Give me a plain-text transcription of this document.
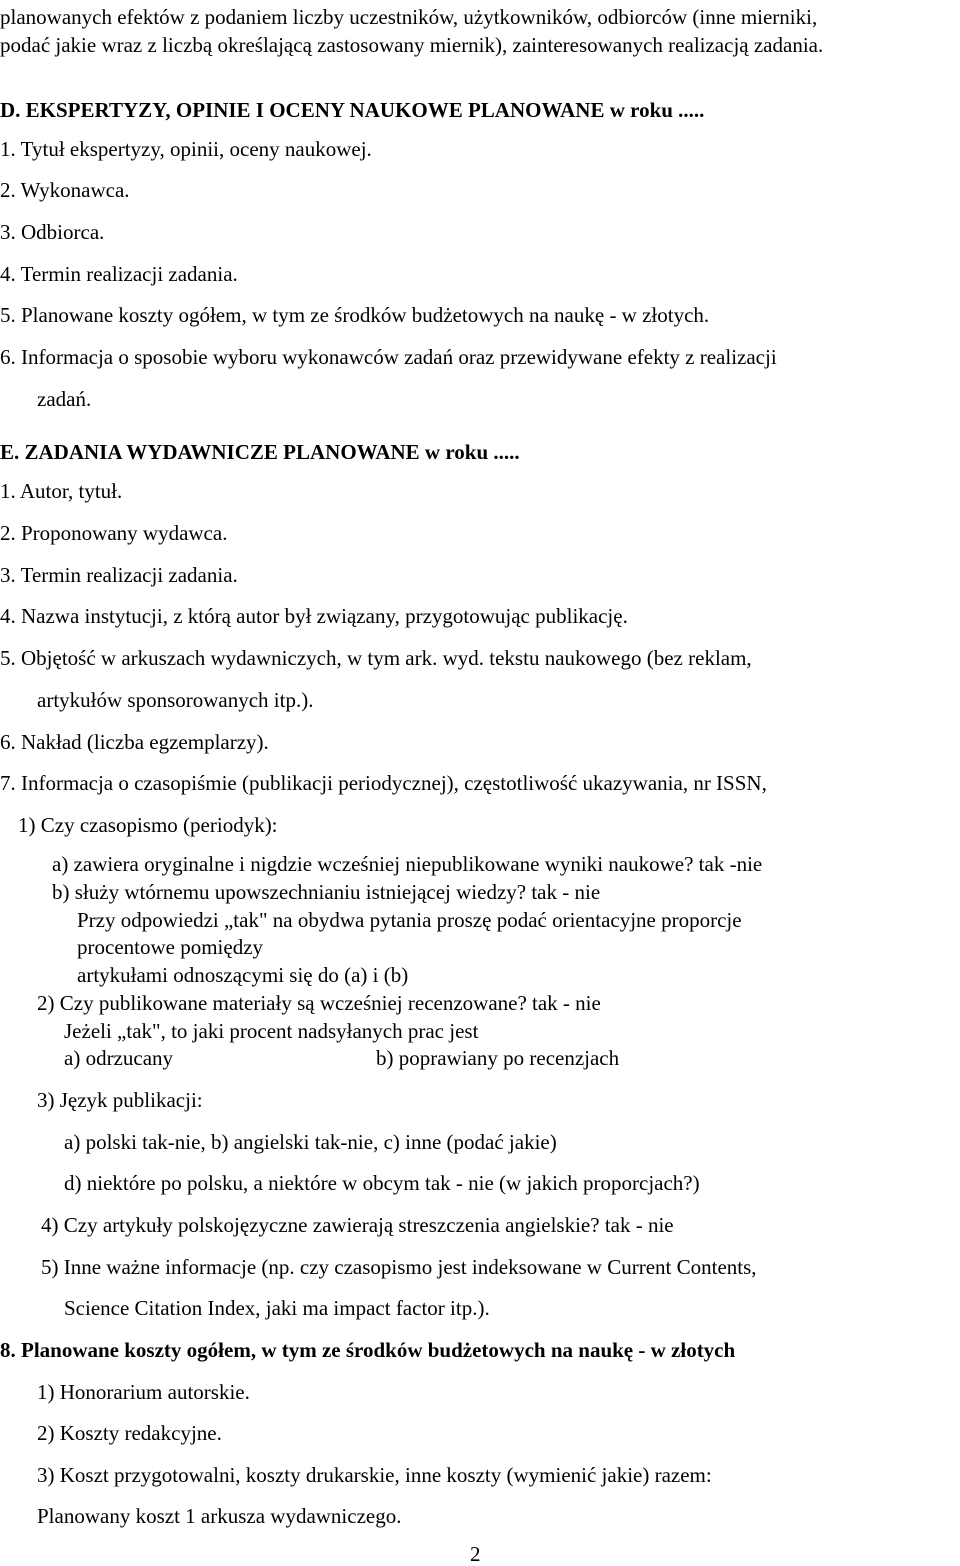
planowanych efektów z podaniem liczby uczestników, użytkowników, odbiorców (inne mierniki,
podać jakie wraz z liczbą określającą zastosowany miernik), zainteresowanych realizacją zadania.
D. EKSPERTYZY, OPINIE I OCENY NAUKOWE PLANOWANE w roku .....
1. Tytuł ekspertyzy, opinii, oceny naukowej.
2. Wykonawca.
3. Odbiorca.
4. Termin realizacji zadania.
5. Planowane koszty ogółem, w tym ze środków budżetowych na naukę - w złotych.
6. Informacja o sposobie wyboru wykonawców zadań oraz przewidywane efekty z realizacji
zadań.
E. ZADANIA WYDAWNICZE PLANOWANE w roku .....
1. Autor, tytuł.
2. Proponowany wydawca.
3. Termin realizacji zadania.
4. Nazwa instytucji, z którą autor był związany, przygotowując publikację.
5. Objętość w arkuszach wydawniczych, w tym ark. wyd. tekstu naukowego (bez reklam,
artykułów sponsorowanych itp.).
6. Nakład (liczba egzemplarzy).
7. Informacja o czasopiśmie (publikacji periodycznej), częstotliwość ukazywania, nr ISSN,
1) Czy czasopismo (periodyk):
a) zawiera oryginalne i nigdzie wcześniej niepublikowane wyniki naukowe? tak -nie
b) służy wtórnemu upowszechnianiu istniejącej wiedzy? tak - nie
Przy odpowiedzi „tak" na obydwa pytania proszę podać orientacyjne proporcje
procentowe pomiędzy
artykułami odnoszącymi się do (a) i (b)
2) Czy publikowane materiały są wcześniej recenzowane? tak - nie
Jeżeli „tak", to jaki procent nadsyłanych prac jest
a) odrzucany	b) poprawiany po recenzjach
3) Język publikacji:
a) polski tak-nie, b) angielski tak-nie, c) inne (podać jakie)
d) niektóre po polsku, a niektóre w obcym tak - nie (w jakich proporcjach?)
4) Czy artykuły polskojęzyczne zawierają streszczenia angielskie? tak - nie
5) Inne ważne informacje (np. czy czasopismo jest indeksowane w Current Contents,
Science Citation Index, jaki ma impact factor itp.).
8. Planowane koszty ogółem, w tym ze środków budżetowych na naukę - w złotych
1) Honorarium autorskie.
2) Koszty redakcyjne.
3) Koszt przygotowalni, koszty drukarskie, inne koszty (wymienić jakie) razem:
Planowany koszt 1 arkusza wydawniczego.
2
